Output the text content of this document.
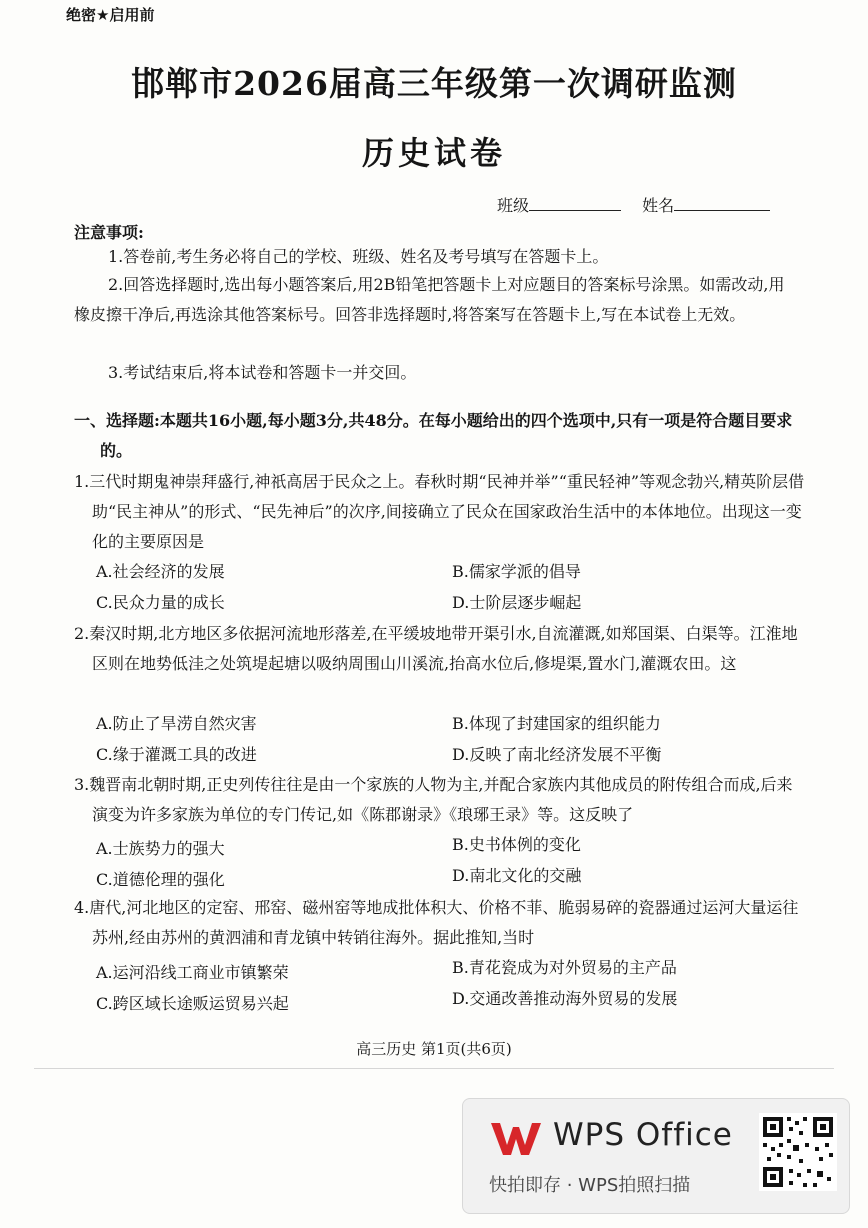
绝密★启用前
邯郸市2026届高三年级第一次调研监测
历史试卷
班级	姓名
注意事项:
1.答卷前,考生务必将自己的学校、班级、姓名及考号填写在答题卡上。
2.回答选择题时,选出每小题答案后,用2B铅笔把答题卡上对应题目的答案标号涂黑。如需改动,用橡皮擦干净后,再选涂其他答案标号。回答非选择题时,将答案写在答题卡上,写在本试卷上无效。
3.考试结束后,将本试卷和答题卡一并交回。
一、选择题:本题共16小题,每小题3分,共48分。在每小题给出的四个选项中,只有一项是符合题目要求的。
1.三代时期鬼神崇拜盛行,神祇高居于民众之上。春秋时期“民神并举”“重民轻神”等观念勃兴,精英阶层借助“民主神从”的形式、“民先神后”的次序,间接确立了民众在国家政治生活中的本体地位。出现这一变化的主要原因是
A.社会经济的发展	B.儒家学派的倡导
C.民众力量的成长	D.士阶层逐步崛起
2.秦汉时期,北方地区多依据河流地形落差,在平缓坡地带开渠引水,自流灌溉,如郑国渠、白渠等。江淮地区则在地势低洼之处筑堤起塘以吸纳周围山川溪流,抬高水位后,修堤渠,置水门,灌溉农田。这
A.防止了旱涝自然灾害	B.体现了封建国家的组织能力
C.缘于灌溉工具的改进	D.反映了南北经济发展不平衡
3.魏晋南北朝时期,正史列传往往是由一个家族的人物为主,并配合家族内其他成员的附传组合而成,后来演变为许多家族为单位的专门传记,如《陈郡谢录》《琅琊王录》等。这反映了
A.士族势力的强大	B.史书体例的变化
C.道德伦理的强化	D.南北文化的交融
4.唐代,河北地区的定窑、邢窑、磁州窑等地成批体积大、价格不菲、脆弱易碎的瓷器通过运河大量运往苏州,经由苏州的黄泗浦和青龙镇中转销往海外。据此推知,当时
A.运河沿线工商业市镇繁荣	B.青花瓷成为对外贸易的主产品
C.跨区域长途贩运贸易兴起	D.交通改善推动海外贸易的发展
高三历史 第1页(共6页)
WPS Office
快拍即存 · WPS拍照扫描
